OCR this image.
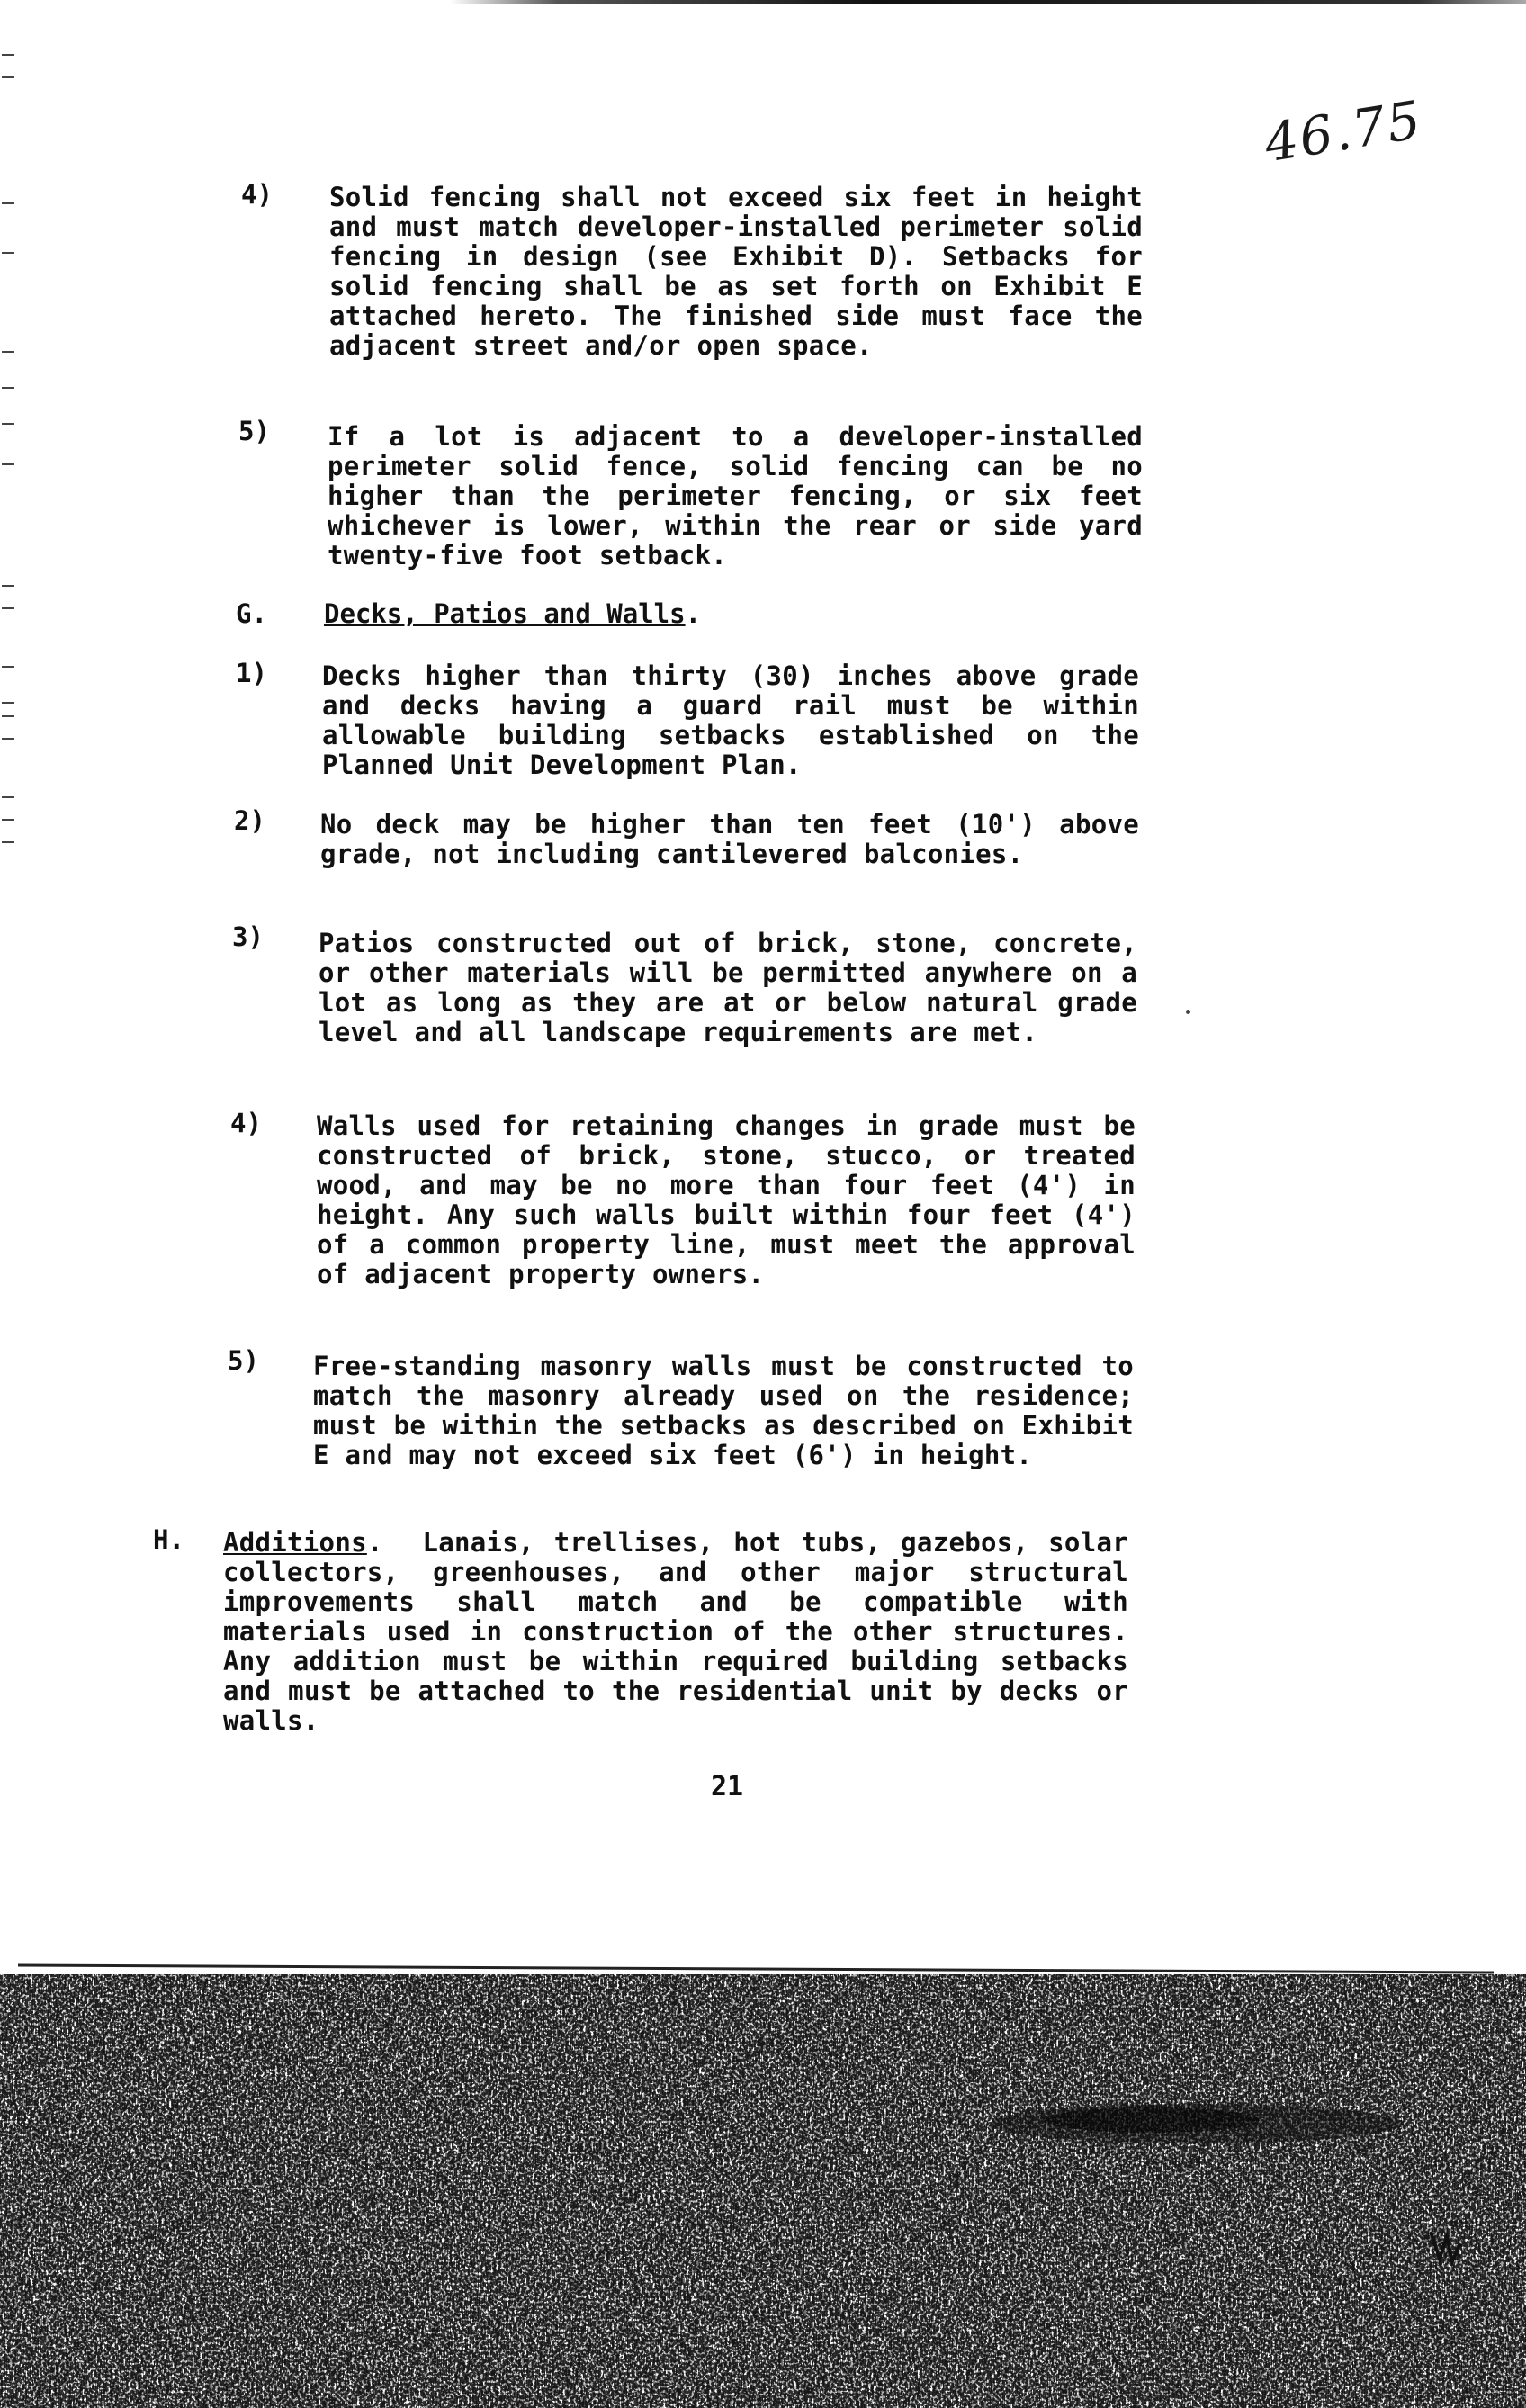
46.75
4) Solid fencing shall not exceed six feet in height and must match developer-installed perimeter solid fencing in design (see Exhibit D). Setbacks for solid fencing shall be as set forth on Exhibit E attached hereto. The finished side must face the adjacent street and/or open space.
5) If a lot is adjacent to a developer-installed perimeter solid fence, solid fencing can be no higher than the perimeter fencing, or six feet whichever is lower, within the rear or side yard twenty-five foot setback.
G. Decks, Patios and Walls.
1) Decks higher than thirty (30) inches above grade and decks having a guard rail must be within allowable building setbacks established on the Planned Unit Development Plan.
2) No deck may be higher than ten feet (10') above grade, not including cantilevered balconies.
3) Patios constructed out of brick, stone, concrete, or other materials will be permitted anywhere on a lot as long as they are at or below natural grade level and all landscape requirements are met.
4) Walls used for retaining changes in grade must be constructed of brick, stone, stucco, or treated wood, and may be no more than four feet (4') in height. Any such walls built within four feet (4') of a common property line, must meet the approval of adjacent property owners.
5) Free-standing masonry walls must be constructed to match the masonry already used on the residence; must be within the setbacks as described on Exhibit E and may not exceed six feet (6') in height.
H. Additions. Lanais, trellises, hot tubs, gazebos, solar collectors, greenhouses, and other major structural improvements shall match and be compatible with materials used in construction of the other structures. Any addition must be within required building setbacks and must be attached to the residential unit by decks or walls.
21
